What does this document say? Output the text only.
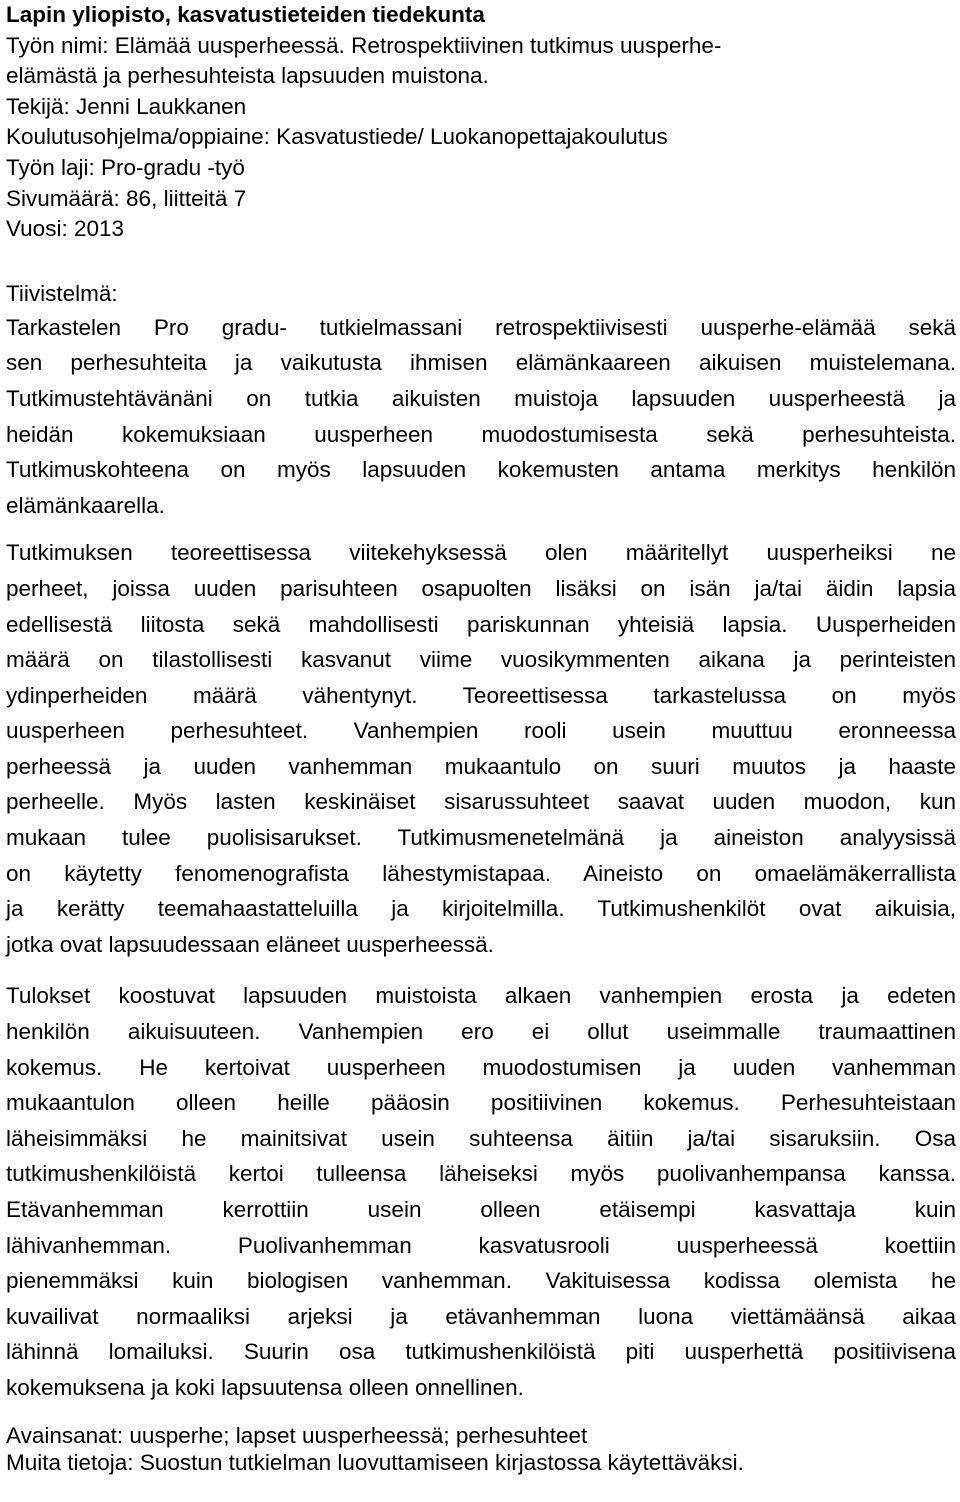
Lapin yliopisto, kasvatustieteiden tiedekunta
Työn nimi: Elämää uusperheessä. Retrospektiivinen tutkimus uusperhe-
elämästä ja perhesuhteista lapsuuden muistona.
Tekijä: Jenni Laukkanen
Koulutusohjelma/oppiaine: Kasvatustiede/ Luokanopettajakoulutus
Työn laji: Pro-gradu -työ
Sivumäärä: 86, liitteitä 7
Vuosi: 2013
Tiivistelmä:
Tarkastelen Pro gradu- tutkielmassani retrospektiivisesti uusperhe-elämää sekä
sen perhesuhteita ja vaikutusta ihmisen elämänkaareen aikuisen muistelemana.
Tutkimustehtävänäni on tutkia aikuisten muistoja lapsuuden uusperheestä ja
heidän kokemuksiaan uusperheen muodostumisesta sekä perhesuhteista.
Tutkimuskohteena on myös lapsuuden kokemusten antama merkitys henkilön
elämänkaarella.
Tutkimuksen teoreettisessa viitekehyksessä olen määritellyt uusperheiksi ne
perheet, joissa uuden parisuhteen osapuolten lisäksi on isän ja/tai äidin lapsia
edellisestä liitosta sekä mahdollisesti pariskunnan yhteisiä lapsia. Uusperheiden
määrä on tilastollisesti kasvanut viime vuosikymmenten aikana ja perinteisten
ydinperheiden määrä vähentynyt. Teoreettisessa tarkastelussa on myös
uusperheen perhesuhteet. Vanhempien rooli usein muuttuu eronneessa
perheessä ja uuden vanhemman mukaantulo on suuri muutos ja haaste
perheelle. Myös lasten keskinäiset sisarussuhteet saavat uuden muodon, kun
mukaan tulee puolisisarukset. Tutkimusmenetelmänä ja aineiston analyysissä
on käytetty fenomenografista lähestymistapaa. Aineisto on omaelämäkerrallista
ja kerätty teemahaastatteluilla ja kirjoitelmilla. Tutkimushenkilöt ovat aikuisia,
jotka ovat lapsuudessaan eläneet uusperheessä.
Tulokset koostuvat lapsuuden muistoista alkaen vanhempien erosta ja edeten
henkilön aikuisuuteen. Vanhempien ero ei ollut useimmalle traumaattinen
kokemus. He kertoivat uusperheen muodostumisen ja uuden vanhemman
mukaantulon olleen heille pääosin positiivinen kokemus. Perhesuhteistaan
läheisimmäksi he mainitsivat usein suhteensa äitiin ja/tai sisaruksiin. Osa
tutkimushenkilöistä kertoi tulleensa läheiseksi myös puolivanhempansa kanssa.
Etävanhemman kerrottiin usein olleen etäisempi kasvattaja kuin
lähivanhemman. Puolivanhemman kasvatusrooli uusperheessä koettiin
pienemmäksi kuin biologisen vanhemman. Vakituisessa kodissa olemista he
kuvailivat normaaliksi arjeksi ja etävanhemman luona viettämäänsä aikaa
lähinnä lomailuksi. Suurin osa tutkimushenkilöistä piti uusperhettä positiivisena
kokemuksena ja koki lapsuutensa olleen onnellinen.
Avainsanat: uusperhe; lapset uusperheessä; perhesuhteet
Muita tietoja: Suostun tutkielman luovuttamiseen kirjastossa käytettäväksi.
